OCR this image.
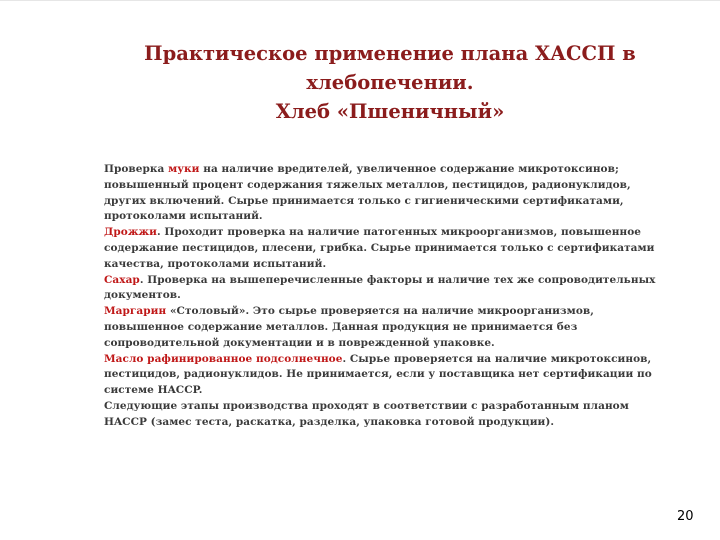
Практическое применение плана ХАССП в
хлебопечении.
Хлеб «Пшеничный»
Проверка муки на наличие вредителей, увеличенное содержание микротоксинов;
повышенный процент содержания тяжелых металлов, пестицидов, радионуклидов,
других включений. Сырье принимается только с гигиеническими сертификатами,
протоколами испытаний.
Дрожжи. Проходит проверка на наличие патогенных микроорганизмов, повышенное
содержание пестицидов, плесени, грибка. Сырье принимается только с сертификатами
качества, протоколами испытаний.
Сахар. Проверка на вышеперечисленные факторы и наличие тех же сопроводительных
документов.
Маргарин «Столовый». Это сырье проверяется на наличие микроорганизмов,
повышенное содержание металлов. Данная продукция не принимается без
сопроводительной документации и в поврежденной упаковке.
Масло рафинированное подсолнечное. Сырье проверяется на наличие микротоксинов,
пестицидов, радионуклидов. Не принимается, если у поставщика нет сертификации по
системе HACCP.
Следующие этапы производства проходят в соответствии с разработанным планом
HACCP (замес теста, раскатка, разделка, упаковка готовой продукции).
20
